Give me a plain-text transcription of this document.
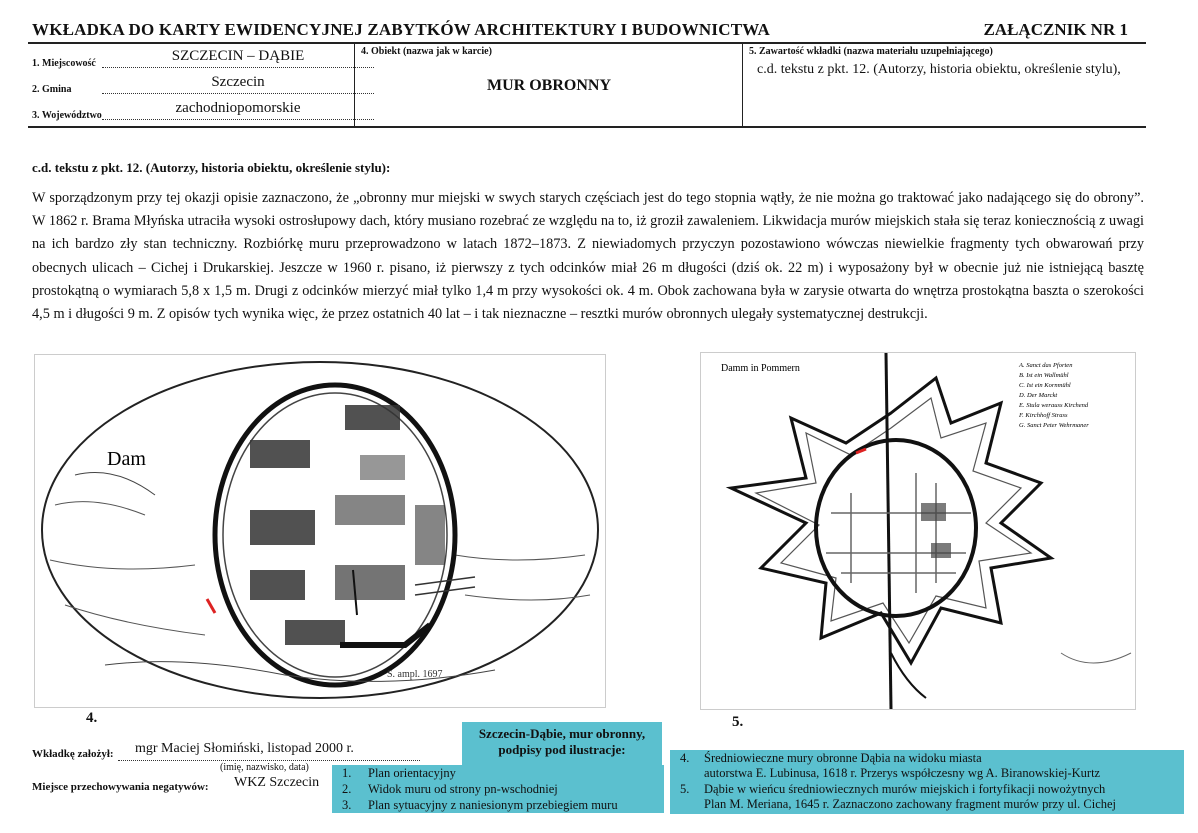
WKŁADKA DO KARTY EWIDENCYJNEJ ZABYTKÓW ARCHITEKTURY I BUDOWNICTWA	ZAŁĄCZNIK NR 1
1. Miejscowość	SZCZECIN – DĄBIE
2. Gmina	Szczecin
3. Województwo	zachodniopomorskie
4. Obiekt (nazwa jak w karcie)
MUR OBRONNY
5. Zawartość wkładki (nazwa materiału uzupełniającego)
c.d. tekstu z pkt. 12. (Autorzy, historia obiektu, określenie stylu),
c.d. tekstu z pkt. 12. (Autorzy, historia obiektu, określenie stylu):

W sporządzonym przy tej okazji opisie zaznaczono, że „obronny mur miejski w swych starych częściach jest do tego stopnia wątły, że nie można go traktować jako nadającego się do obrony”. W 1862 r. Brama Młyńska utraciła wysoki ostrosłupowy dach, który musiano rozebrać ze względu na to, iż groził zawaleniem. Likwidacja murów miejskich stała się teraz koniecznością z uwagi na ich bardzo zły stan techniczny. Rozbiórkę muru przeprowadzono w latach 1872–1873. Z niewiadomych przyczyn pozostawiono wówczas niewielkie fragmenty tych obwarowań przy obecnych ulicach – Cichej i Drukarskiej. Jeszcze w 1960 r. pisano, iż pierwszy z tych odcinków miał 26 m długości (dziś ok. 22 m) i wyposażony był w obecnie już nie istniejącą basztę prostokątną o wymiarach 5,8 x 1,5 m. Drugi z odcinków mierzyć miał tylko 1,4 m przy wysokości ok. 4 m. Obok zachowana była w zarysie otwarta do wnętrza prostokątna baszta o szerokości 4,5 m i długości 9 m. Z opisów tych wynika więc, że przez ostatnich 40 lat – i tak nieznaczne – resztki murów obronnych ulegały systematycznej destrukcji.

Dam
S. ampl. 1697
4.
Damm in Pommern	A. Sanct das Pforten
B. Ist ein Wallmühl
C. Ist ein Kornmühl
D. Der Marckt
E. Stula werauss Kirchend
F. Kirchhoff Strass
G. Sanct Peter Wehrmaner
5.
Wkładkę założył: mgr Maciej Słomiński, listopad 2000 r.
(imię, nazwisko, data)
Miejsce przechowywania negatywów: WKZ Szczecin
Szczecin-Dąbie, mur obronny, podpisy pod ilustracje:
1. Plan orientacyjny
2. Widok muru od strony pn-wschodniej
3. Plan sytuacyjny z naniesionym przebiegiem muru
4. Średniowieczne mury obronne Dąbia na widoku miasta
autorstwa E. Lubinusa, 1618 r. Przerys współczesny wg A. Biranowskiej-Kurtz
5. Dąbie w wieńcu średniowiecznych murów miejskich i fortyfikacji nowożytnych
Plan M. Meriana, 1645 r. Zaznaczono zachowany fragment murów przy ul. Cichej
